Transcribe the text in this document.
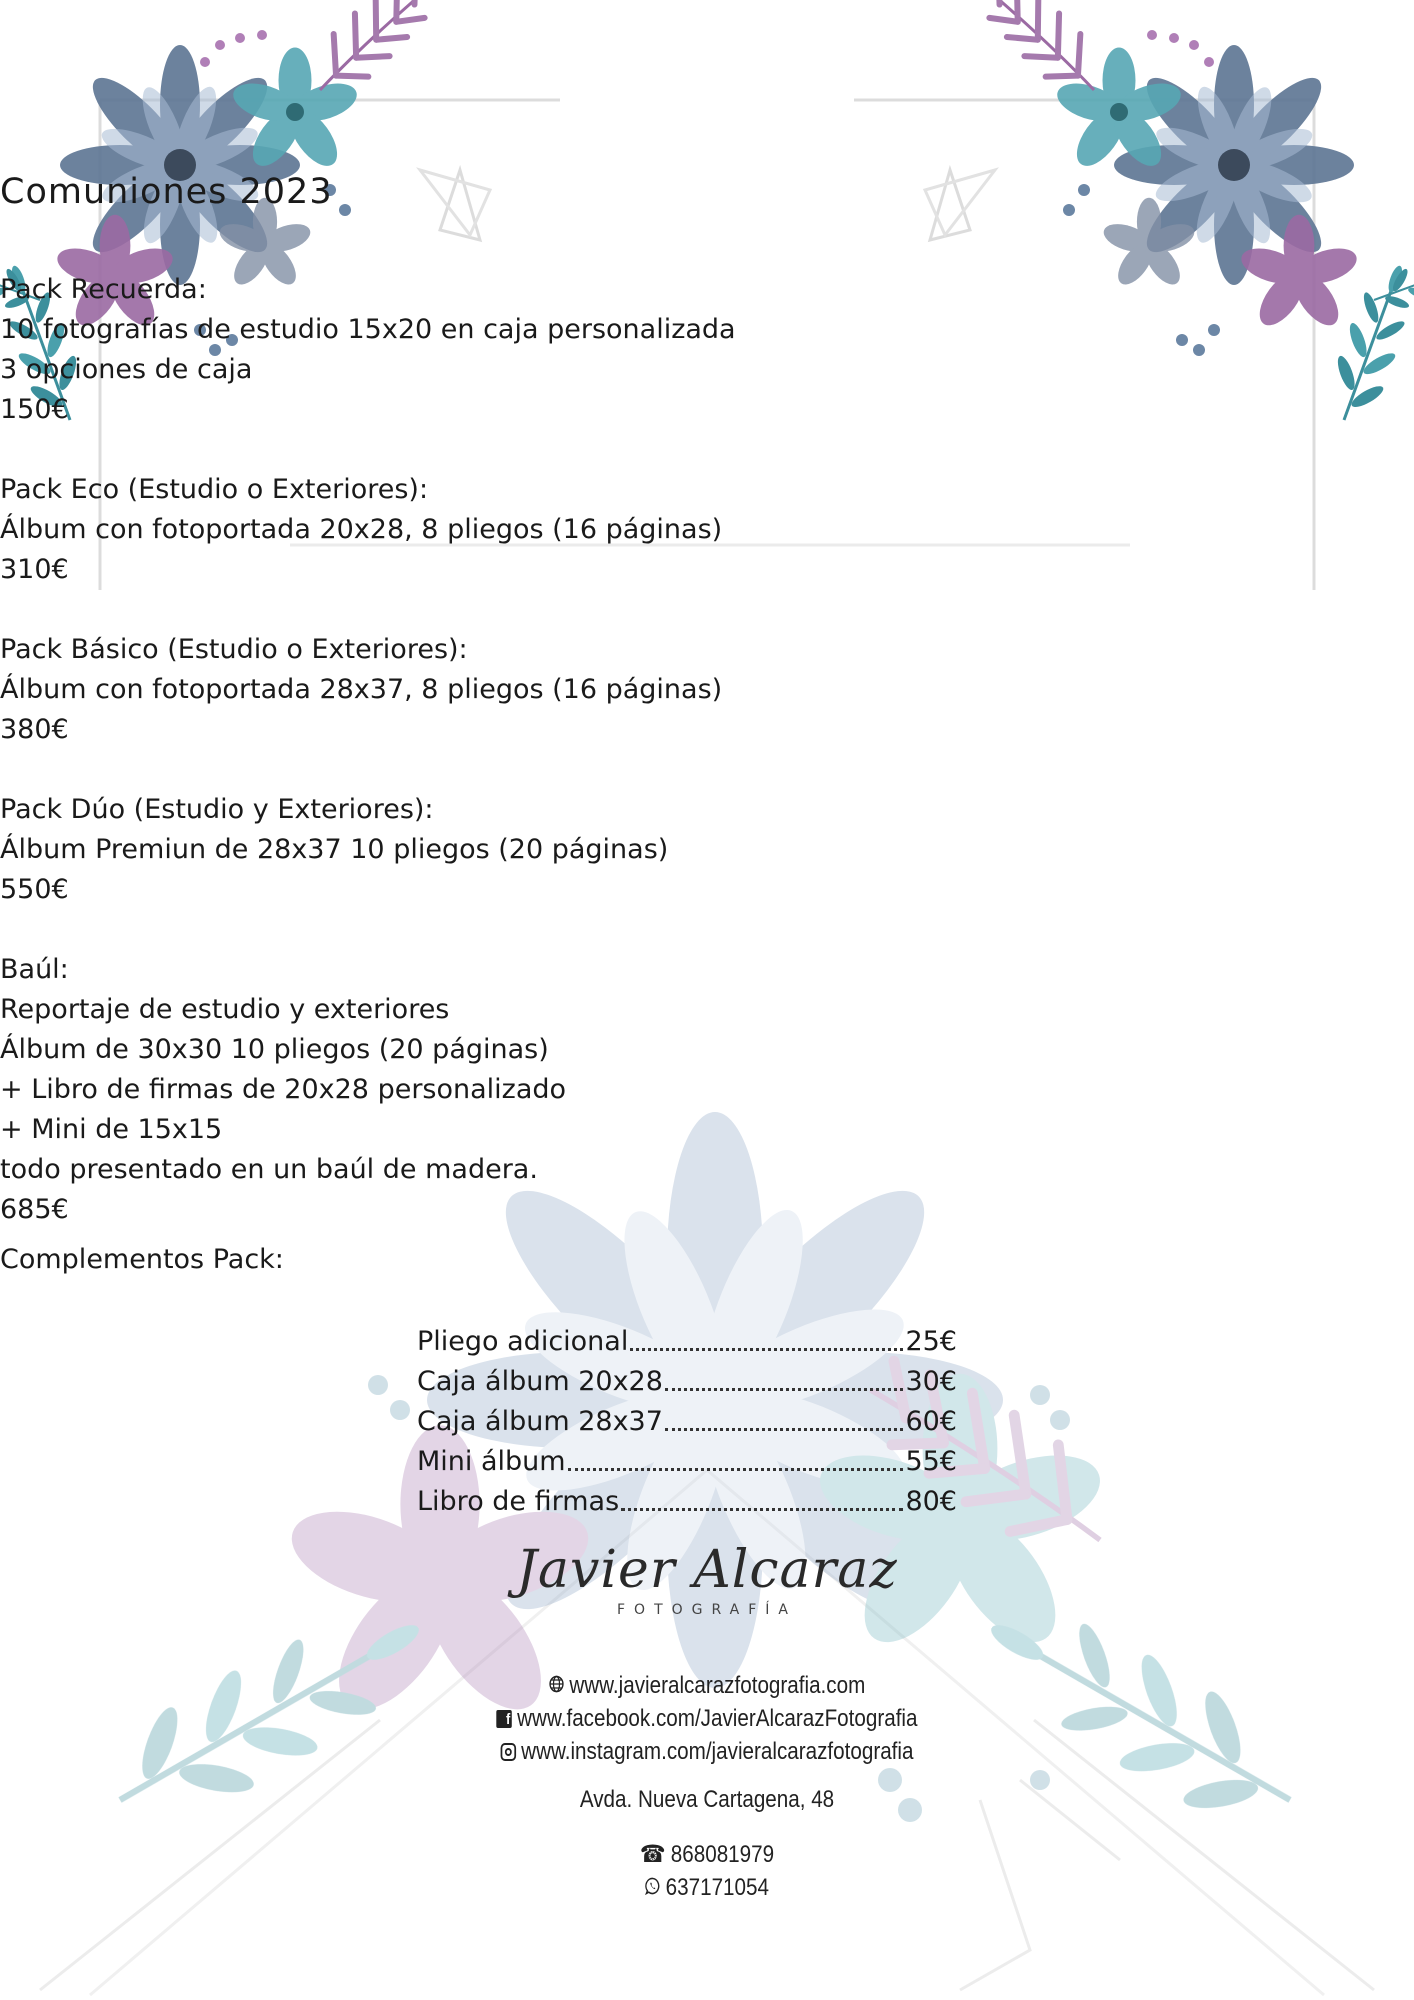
Comuniones 2023
Pack Recuerda:
10 fotografías de estudio 15x20 en caja personalizada
3 opciones de caja
150€
Pack Eco (Estudio o Exteriores):
Álbum con fotoportada 20x28, 8 pliegos (16 páginas)
310€
Pack Básico (Estudio o Exteriores):
Álbum con fotoportada 28x37, 8 pliegos (16 páginas)
380€
Pack Dúo (Estudio y Exteriores):
Álbum Premiun de 28x37 10 pliegos (20 páginas)
550€
Baúl:
Reportaje de estudio y exteriores
Álbum de 30x30 10 pliegos (20 páginas)
+ Libro de firmas de 20x28 personalizado
+ Mini de 15x15
todo presentado en un baúl de madera.
685€
Complementos Pack:
Pliego adicional	25€
Caja álbum 20x28	30€
Caja álbum 28x37	60€
Mini álbum	55€
Libro de firmas	80€
Javier Alcaraz
FOTOGRAFÍA
www.javieralcarazfotografia.com
f www.facebook.com/JavierAlcarazFotografia
www.instagram.com/javieralcarazfotografia
Avda. Nueva Cartagena, 48
☎ 868081979
637171054
